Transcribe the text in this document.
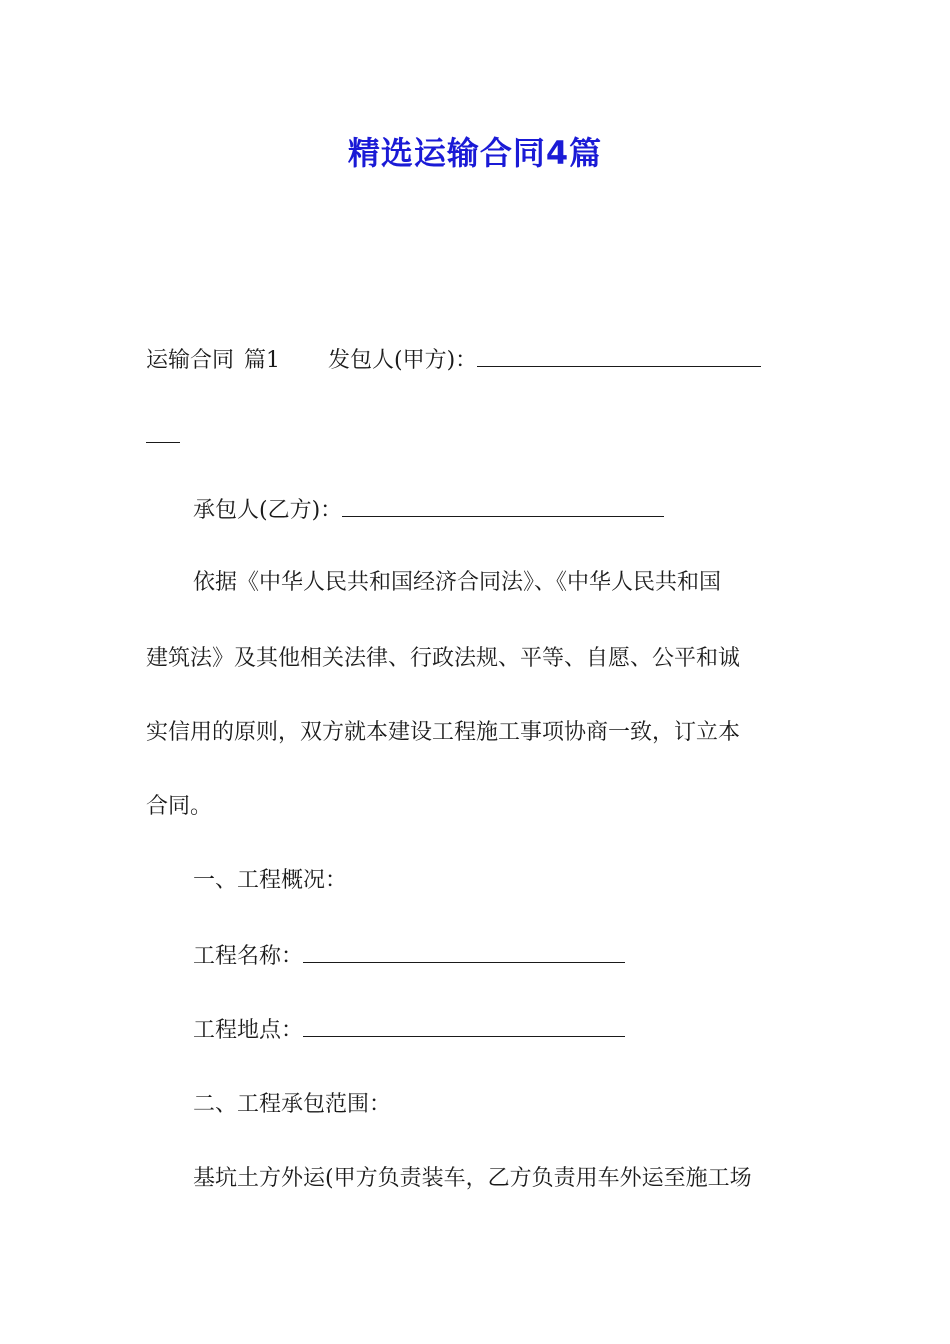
精选运输合同4篇
运输合同 篇1 发包人(甲方)：
承包人(乙方)：
依据《中华人民共和国经济合同法》、《中华人民共和国
建筑法》及其他相关法律、行政法规、平等、自愿、公平和诚
实信用的原则，双方就本建设工程施工事项协商一致，订立本
合同。
一、工程概况：
工程名称：
工程地点：
二、工程承包范围：
基坑土方外运(甲方负责装车，乙方负责用车外运至施工场
